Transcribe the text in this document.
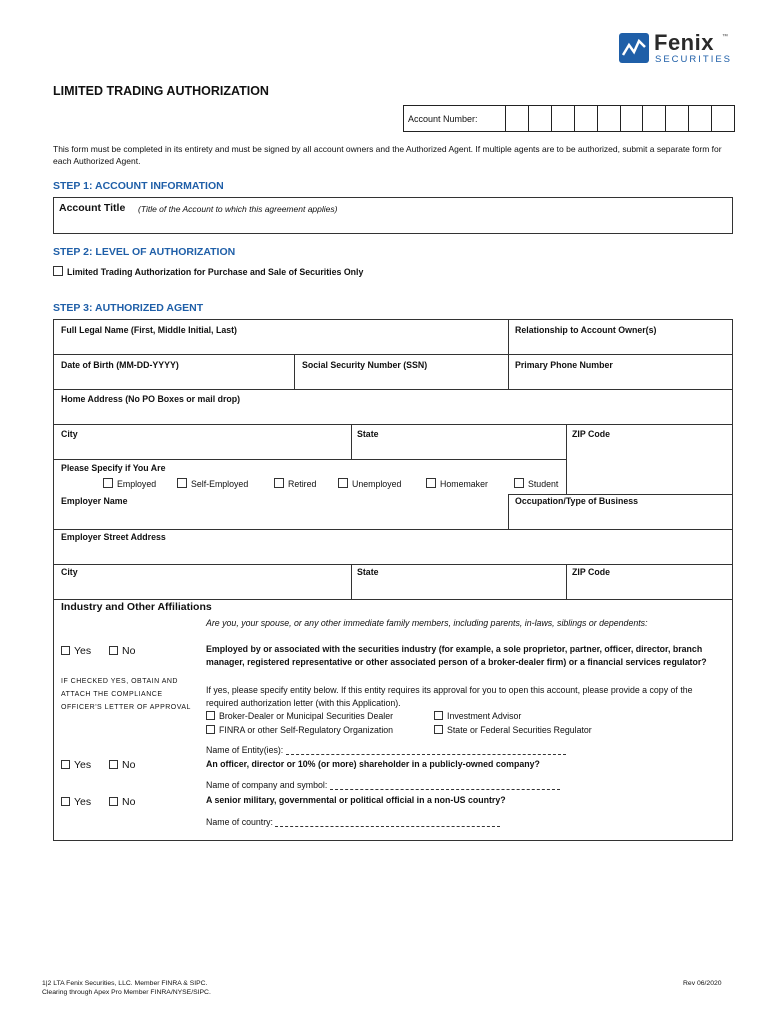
Fenix ™
SECURITIES
LIMITED TRADING AUTHORIZATION
Account Number:
This form must be completed in its entirety and must be signed by all account owners and the Authorized Agent. If multiple agents are to be authorized, submit a separate form for each Authorized Agent.
STEP 1: ACCOUNT INFORMATION
Account Title (Title of the Account to which this agreement applies)
STEP 2: LEVEL OF AUTHORIZATION
Limited Trading Authorization for Purchase and Sale of Securities Only
STEP 3: AUTHORIZED AGENT
Full Legal Name (First, Middle Initial, Last)	Relationship to Account Owner(s)
Date of Birth (MM-DD-YYYY)	Social Security Number (SSN)	Primary Phone Number
Home Address (No PO Boxes or mail drop)
City	State	ZIP Code
Please Specify if You Are
Employed	Self-Employed	Retired	Unemployed	Homemaker	Student
Employer Name	Occupation/Type of Business
Employer Street Address
City	State	ZIP Code
Industry and Other Affiliations
Are you, your spouse, or any other immediate family members, including parents, in-laws, siblings or dependents:
Yes	No
IF CHECKED YES, OBTAIN AND
ATTACH THE COMPLIANCE
OFFICER'S LETTER OF APPROVAL
Employed by or associated with the securities industry (for example, a sole proprietor, partner, officer, director, branch manager, registered representative or other associated person of a broker-dealer firm) or a financial services regulator?
If yes, please specify entity below. If this entity requires its approval for you to open this account, please provide a copy of the required authorization letter (with this Application).
Broker-Dealer or Municipal Securities Dealer	Investment Advisor
FINRA or other Self-Regulatory Organization	State or Federal Securities Regulator
Name of Entity(ies):
Yes	No	An officer, director or 10% (or more) shareholder in a publicly-owned company?
Name of company and symbol:
Yes	No	A senior military, governmental or political official in a non-US country?
Name of country:
1|2 LTA Fenix Securities, LLC. Member FINRA & SIPC.
Clearing through Apex Pro Member FINRA/NYSE/SIPC.
Rev 06/2020
